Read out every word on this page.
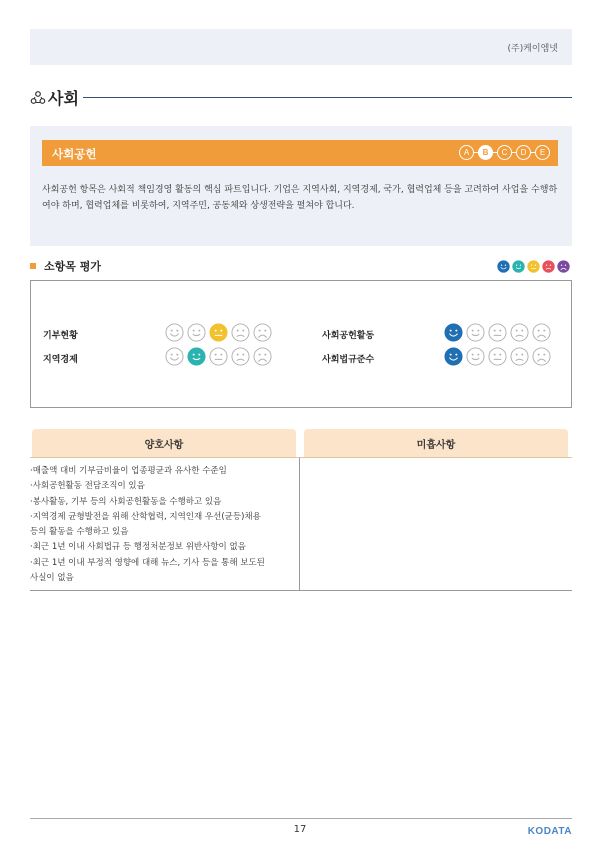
(주)케이엠넷
사회
사회공헌	A	B	C	D	E

사회공헌 항목은 사회적 책임경영 활동의 핵심 파트입니다. 기업은 지역사회, 지역경제, 국가, 협력업체 등을 고려하여 사업을 수행하여야 하며, 협력업체를 비롯하여, 지역주민, 공동체와 상생전략을 펼쳐야 합니다.

소항목 평가
기부현황
지역경제
사회공헌활동
사회법규준수
양호사항	미흡사항
·매출액 대비 기부금비율이 업종평균과 유사한 수준임
·사회공헌활동 전담조직이 있음
·봉사활동, 기부 등의 사회공헌활동을 수행하고 있음
·지역경제 균형발전을 위해 산학협력, 지역인재 우선(균등)채용
등의 활동을 수행하고 있음
·최근 1년 이내 사회법규 등 행정처분정보 위반사항이 없음
·최근 1년 이내 부정적 영향에 대해 뉴스, 기사 등을 통해 보도된
사실이 없음
17	KODATA
